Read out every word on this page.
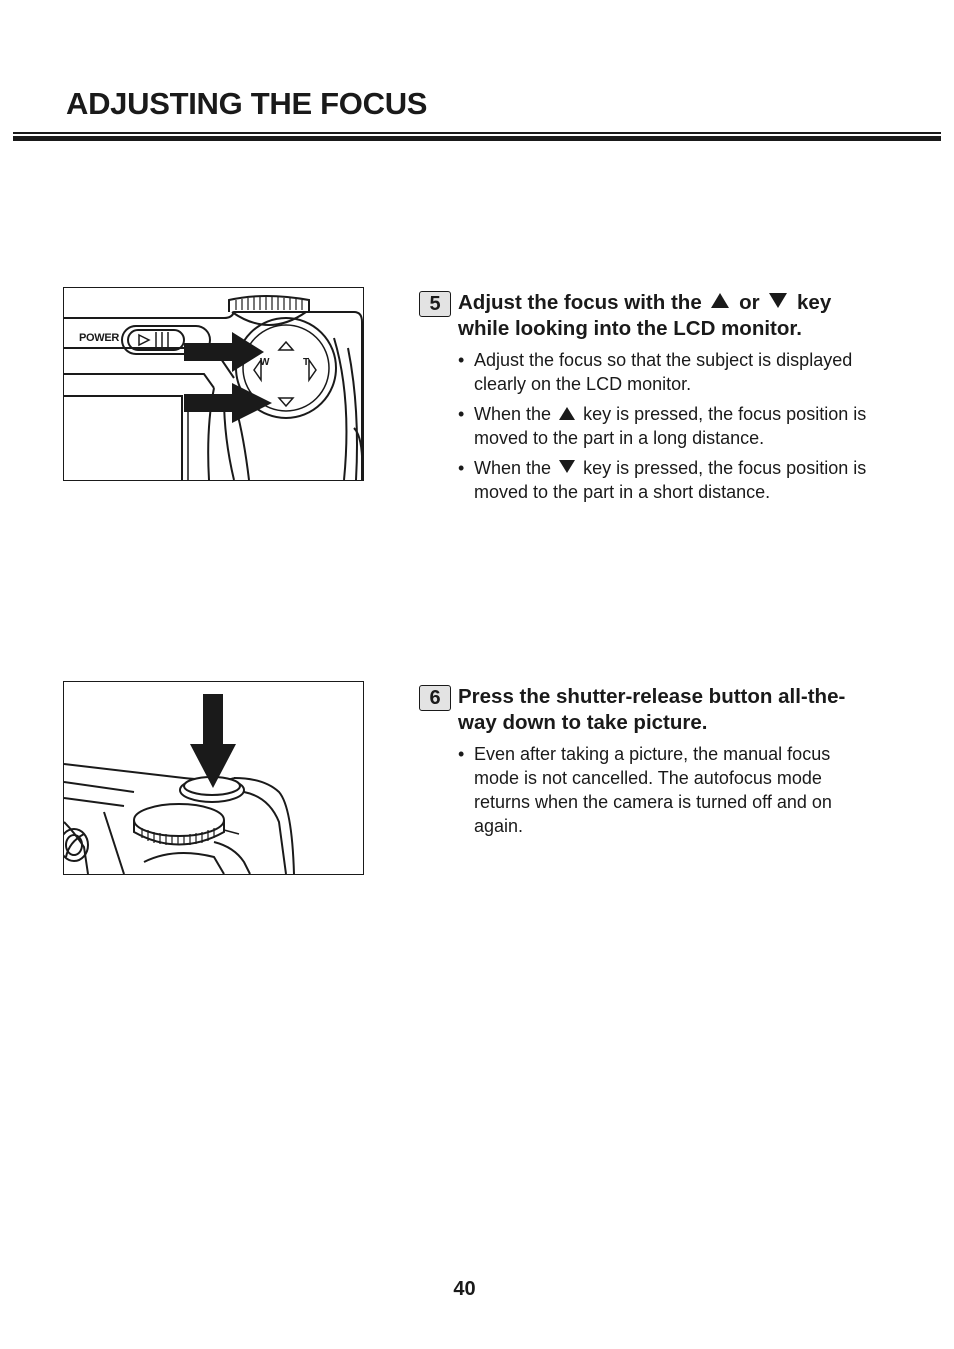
ADJUSTING THE FOCUS
POWER
W	T
5 Adjust the focus with the or key while looking into the LCD monitor.

• Adjust the focus so that the subject is displayed clearly on the LCD monitor.
• When the key is pressed, the focus position is moved to the part in a long distance.
• When the key is pressed, the focus position is moved to the part in a short distance.
6 Press the shutter-release button all-the-way down to take picture.

• Even after taking a picture, the manual focus mode is not cancelled. The autofocus mode returns when the camera is turned off and on again.
40
